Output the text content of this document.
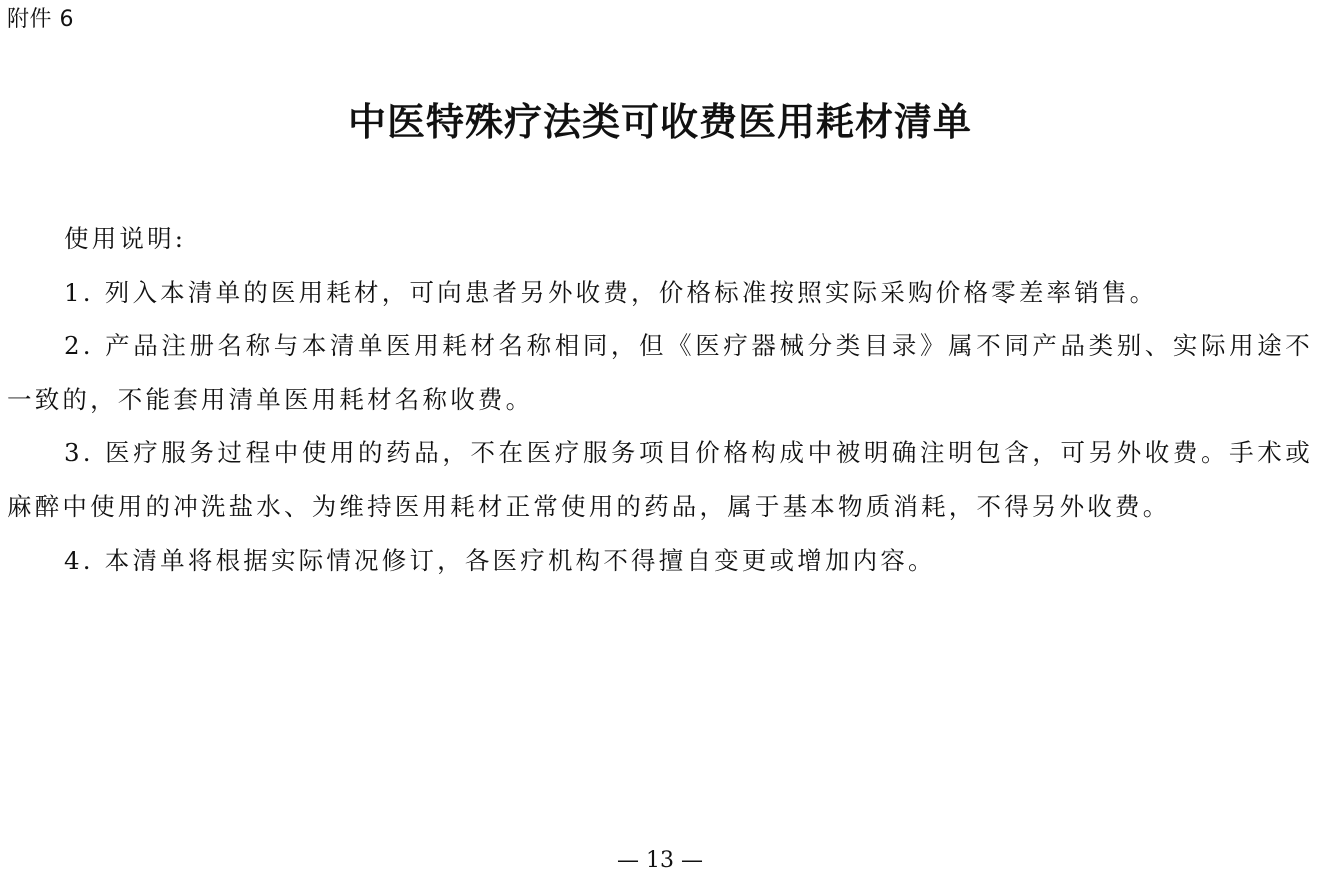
附件 6
中医特殊疗法类可收费医用耗材清单

使用说明:

1. 列入本清单的医用耗材，可向患者另外收费，价格标准按照实际采购价格零差率销售。

2. 产品注册名称与本清单医用耗材名称相同，但《医疗器械分类目录》属不同产品类别、实际用途不一致的，不能套用清单医用耗材名称收费。

3. 医疗服务过程中使用的药品，不在医疗服务项目价格构成中被明确注明包含，可另外收费。手术或麻醉中使用的冲洗盐水、为维持医用耗材正常使用的药品，属于基本物质消耗，不得另外收费。

4. 本清单将根据实际情况修订，各医疗机构不得擅自变更或增加内容。

— 13 —
